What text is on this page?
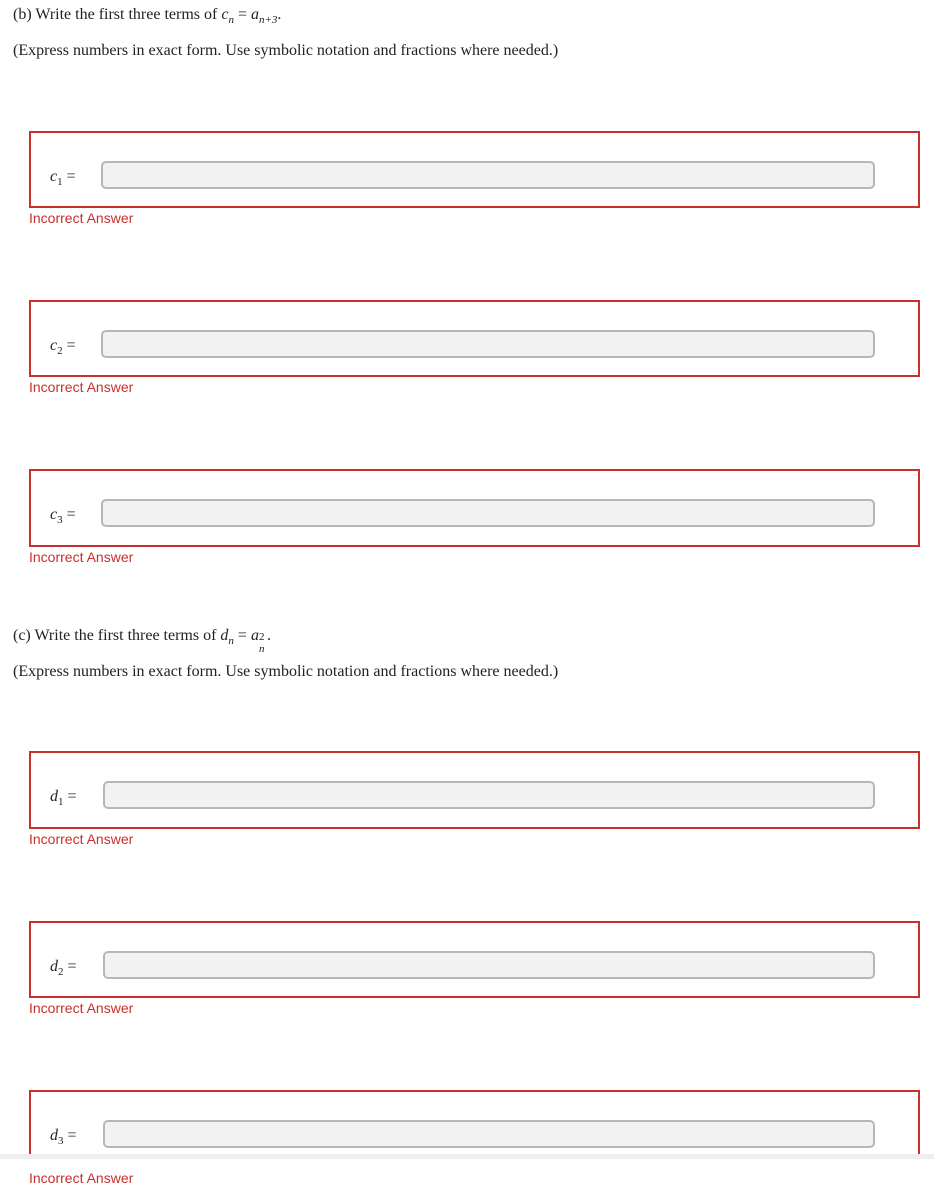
(b) Write the first three terms of $c_n = a_{n+3}$.
(Express numbers in exact form. Use symbolic notation and fractions where needed.)
$c_1$ =
Incorrect Answer
$c_2$ =
Incorrect Answer
$c_3$ =
Incorrect Answer
(c) Write the first three terms of $d_n = a$ 2
n
.
(Express numbers in exact form. Use symbolic notation and fractions where needed.)
$d_1$ =
Incorrect Answer
$d_2$ =
Incorrect Answer
$d_3$ =
Incorrect Answer
